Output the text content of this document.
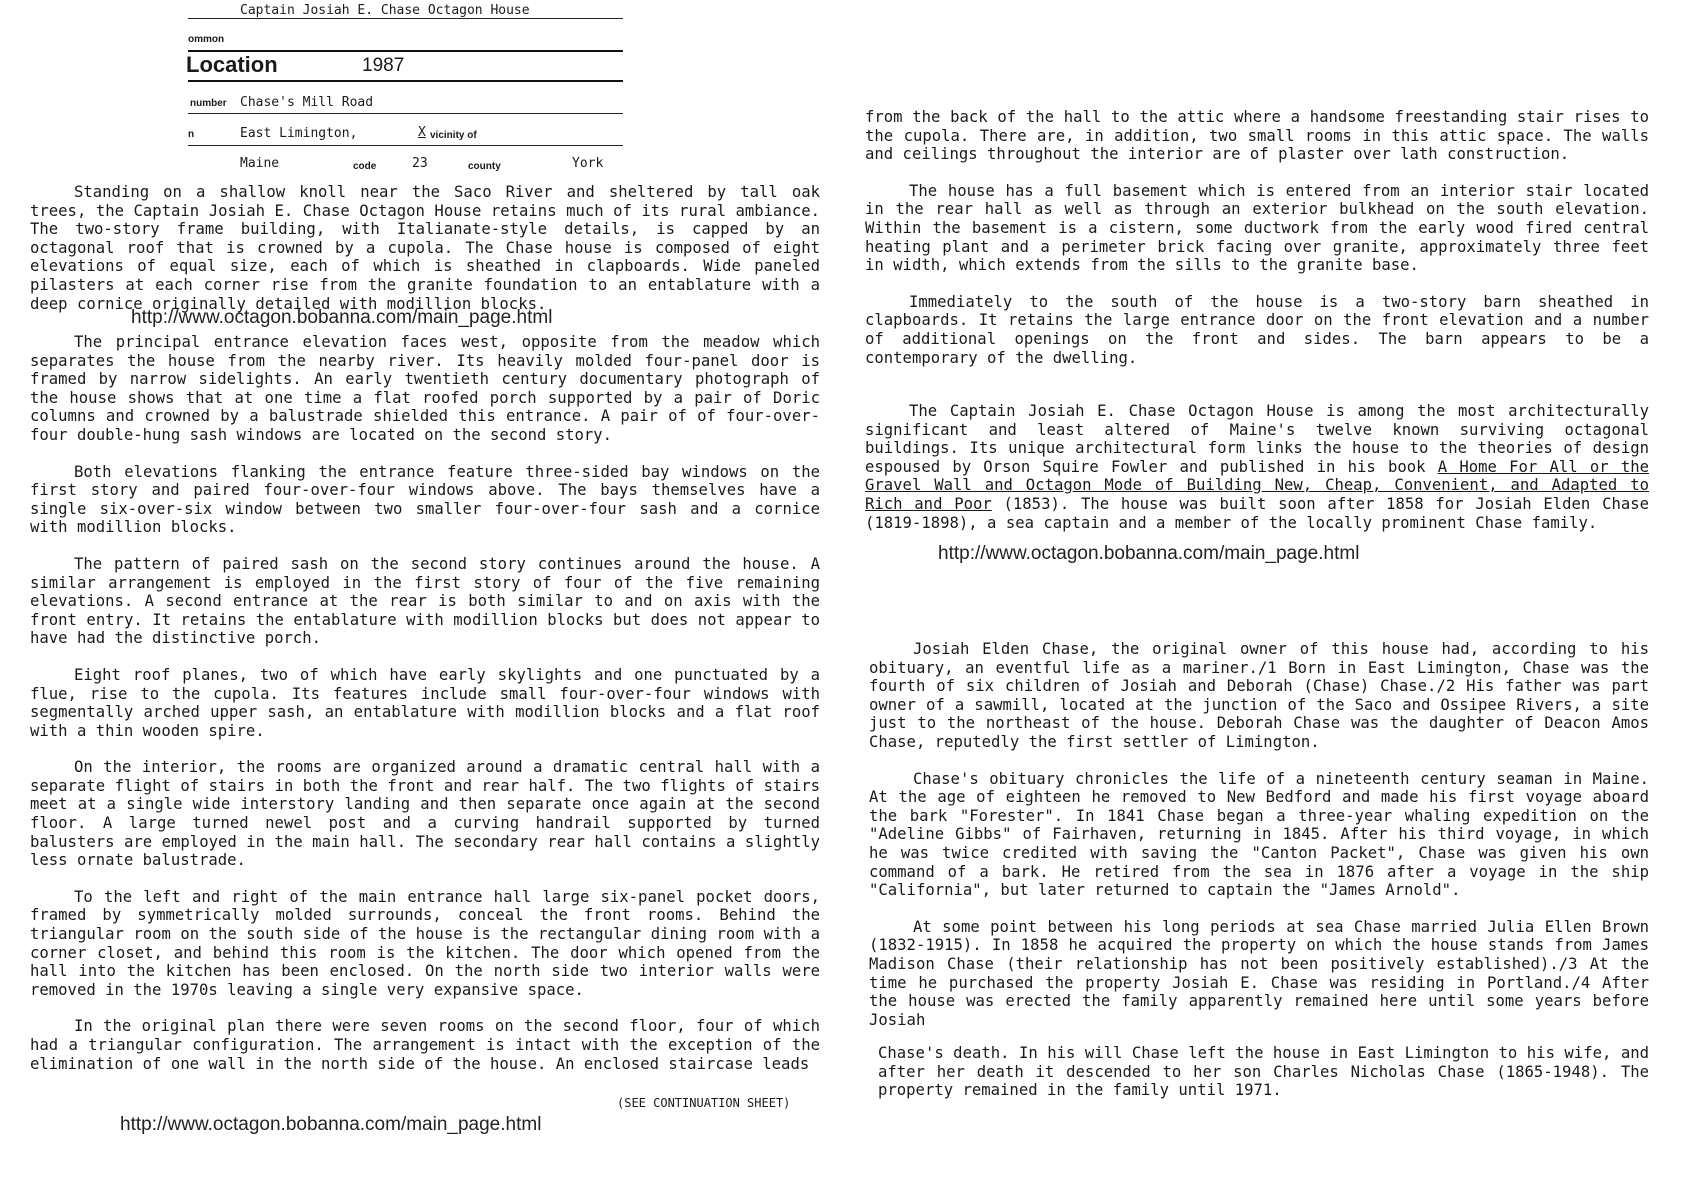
Captain Josiah E. Chase Octagon House
ommon
Location	1987
number Chase's Mill Road
n	East Limington,	X vicinity of
Maine	code	23	county	York

Standing on a shallow knoll near the Saco River and sheltered by tall oak trees, the Captain Josiah E. Chase Octagon House retains much of its rural ambiance. The two-story frame building, with Italianate-style details, is capped by an octagonal roof that is crowned by a cupola. The Chase house is composed of eight elevations of equal size, each of which is sheathed in clapboards. Wide paneled pilasters at each corner rise from the granite foundation to an entablature with a deep cornice originally detailed with modillion blocks.

http://www.octagon.bobanna.com/main_page.html

The principal entrance elevation faces west, opposite from the meadow which separates the house from the nearby river. Its heavily molded four-panel door is framed by narrow sidelights. An early twentieth century documentary photograph of the house shows that at one time a flat roofed porch supported by a pair of Doric columns and crowned by a balustrade shielded this entrance. A pair of of four-over-four double-hung sash windows are located on the second story.

Both elevations flanking the entrance feature three-sided bay windows on the first story and paired four-over-four windows above. The bays themselves have a single six-over-six window between two smaller four-over-four sash and a cornice with modillion blocks.

The pattern of paired sash on the second story continues around the house. A similar arrangement is employed in the first story of four of the five remaining elevations. A second entrance at the rear is both similar to and on axis with the front entry. It retains the entablature with modillion blocks but does not appear to have had the distinctive porch.

Eight roof planes, two of which have early skylights and one punctuated by a flue, rise to the cupola. Its features include small four-over-four windows with segmentally arched upper sash, an entablature with modillion blocks and a flat roof with a thin wooden spire.

On the interior, the rooms are organized around a dramatic central hall with a separate flight of stairs in both the front and rear half. The two flights of stairs meet at a single wide interstory landing and then separate once again at the second floor. A large turned newel post and a curving handrail supported by turned balusters are employed in the main hall. The secondary rear hall contains a slightly less ornate balustrade.

To the left and right of the main entrance hall large six-panel pocket doors, framed by symmetrically molded surrounds, conceal the front rooms. Behind the triangular room on the south side of the house is the rectangular dining room with a corner closet, and behind this room is the kitchen. The door which opened from the hall into the kitchen has been enclosed. On the north side two interior walls were removed in the 1970s leaving a single very expansive space.

In the original plan there were seven rooms on the second floor, four of which had a triangular configuration. The arrangement is intact with the exception of the elimination of one wall in the north side of the house. An enclosed staircase leads

(SEE CONTINUATION SHEET)
http://www.octagon.bobanna.com/main_page.html

from the back of the hall to the attic where a handsome freestanding stair rises to the cupola. There are, in addition, two small rooms in this attic space. The walls and ceilings throughout the interior are of plaster over lath construction.

The house has a full basement which is entered from an interior stair located in the rear hall as well as through an exterior bulkhead on the south elevation. Within the basement is a cistern, some ductwork from the early wood fired central heating plant and a perimeter brick facing over granite, approximately three feet in width, which extends from the sills to the granite base.

Immediately to the south of the house is a two-story barn sheathed in clapboards. It retains the large entrance door on the front elevation and a number of additional openings on the front and sides. The barn appears to be a contemporary of the dwelling.

The Captain Josiah E. Chase Octagon House is among the most architecturally significant and least altered of Maine's twelve known surviving octagonal buildings. Its unique architectural form links the house to the theories of design espoused by Orson Squire Fowler and published in his book A Home For All or the Gravel Wall and Octagon Mode of Building New, Cheap, Convenient, and Adapted to Rich and Poor (1853). The house was built soon after 1858 for Josiah Elden Chase (1819-1898), a sea captain and a member of the locally prominent Chase family.

http://www.octagon.bobanna.com/main_page.html

Josiah Elden Chase, the original owner of this house had, according to his obituary, an eventful life as a mariner./1 Born in East Limington, Chase was the fourth of six children of Josiah and Deborah (Chase) Chase./2 His father was part owner of a sawmill, located at the junction of the Saco and Ossipee Rivers, a site just to the northeast of the house. Deborah Chase was the daughter of Deacon Amos Chase, reputedly the first settler of Limington.

Chase's obituary chronicles the life of a nineteenth century seaman in Maine. At the age of eighteen he removed to New Bedford and made his first voyage aboard the bark "Forester". In 1841 Chase began a three-year whaling expedition on the "Adeline Gibbs" of Fairhaven, returning in 1845. After his third voyage, in which he was twice credited with saving the "Canton Packet", Chase was given his own command of a bark. He retired from the sea in 1876 after a voyage in the ship "California", but later returned to captain the "James Arnold".

At some point between his long periods at sea Chase married Julia Ellen Brown (1832-1915). In 1858 he acquired the property on which the house stands from James Madison Chase (their relationship has not been positively established)./3 At the time he purchased the property Josiah E. Chase was residing in Portland./4 After the house was erected the family apparently remained here until some years before Josiah

Chase's death. In his will Chase left the house in East Limington to his wife, and after her death it descended to her son Charles Nicholas Chase (1865-1948). The property remained in the family until 1971.
